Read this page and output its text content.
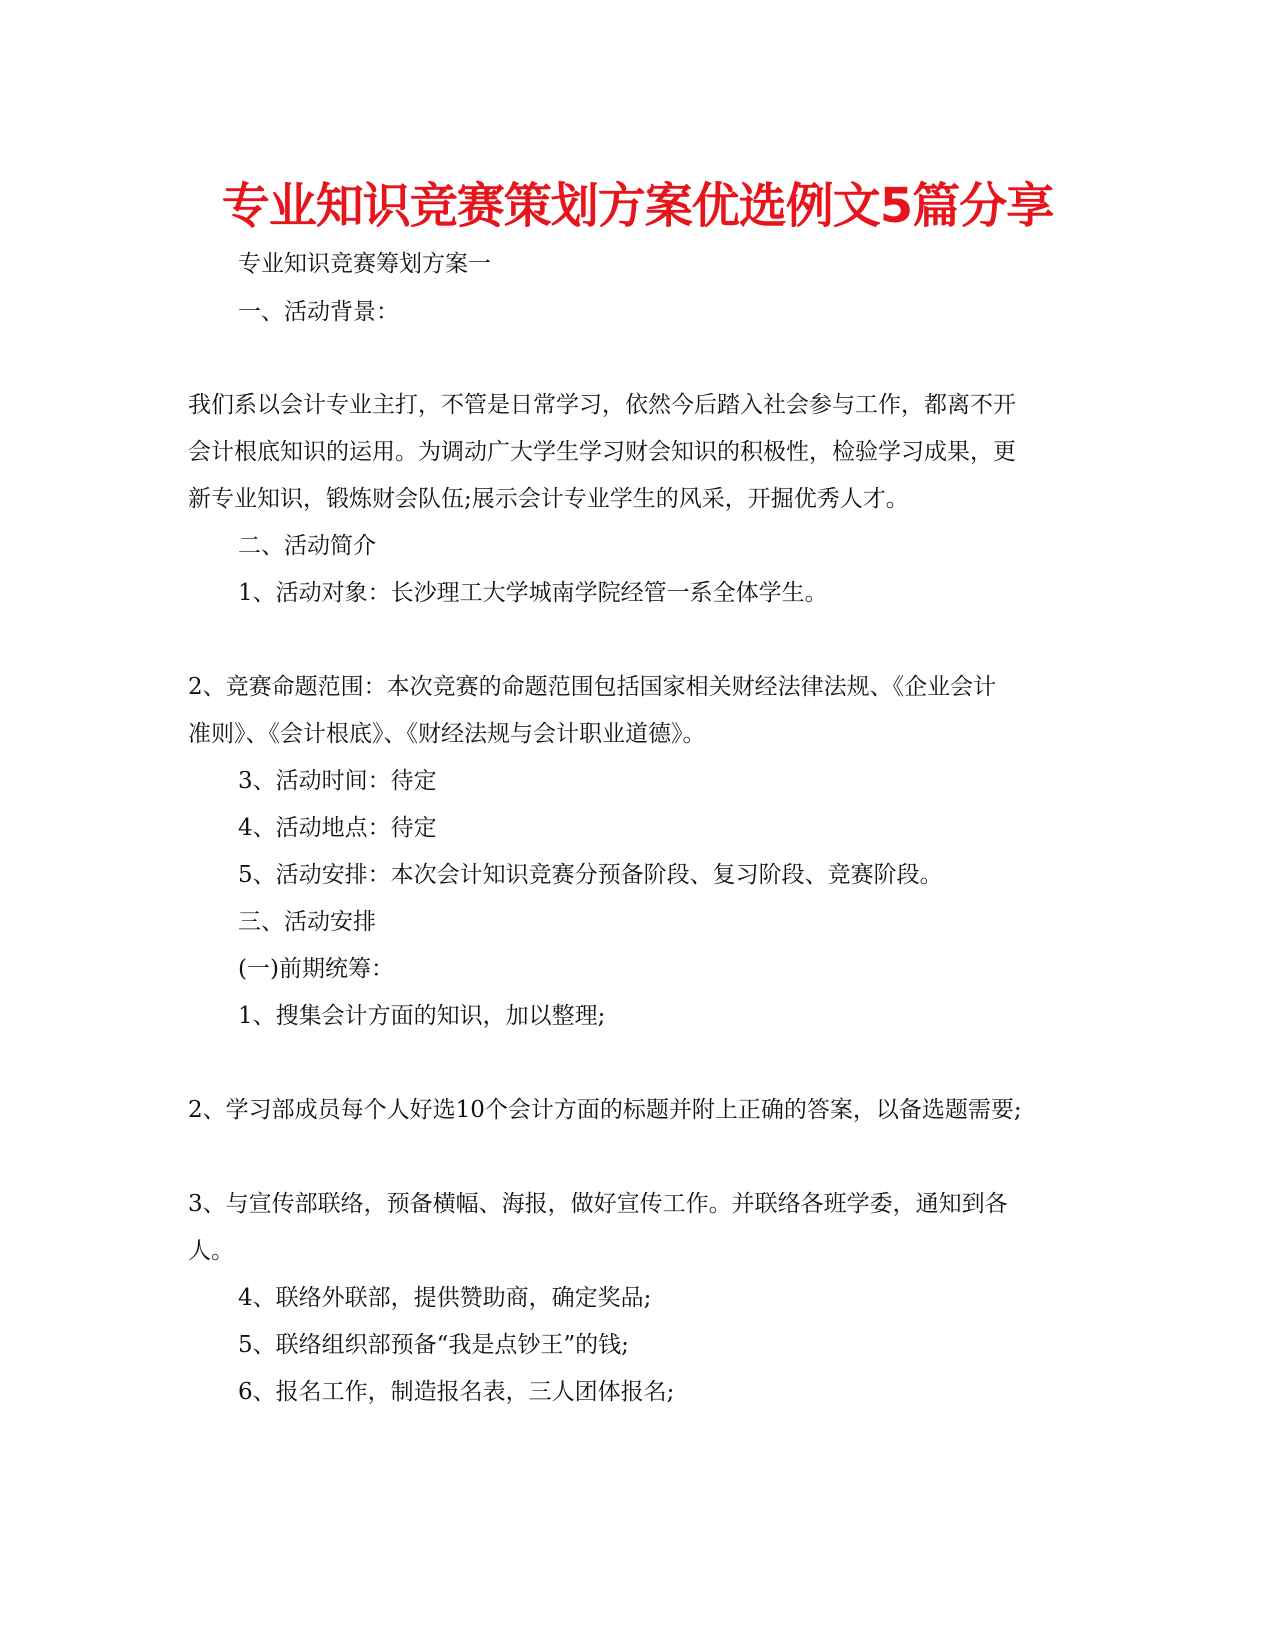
专业知识竞赛策划方案优选例文5篇分享
专业知识竞赛筹划方案一
一、活动背景：
我们系以会计专业主打，不管是日常学习，依然今后踏入社会参与工作，都离不开
会计根底知识的运用。为调动广大学生学习财会知识的积极性，检验学习成果，更
新专业知识，锻炼财会队伍;展示会计专业学生的风采，开掘优秀人才。
二、活动简介
1、活动对象：长沙理工大学城南学院经管一系全体学生。
2、竞赛命题范围：本次竞赛的命题范围包括国家相关财经法律法规、《企业会计
准则》、《会计根底》、《财经法规与会计职业道德》。
3、活动时间：待定
4、活动地点：待定
5、活动安排：本次会计知识竞赛分预备阶段、复习阶段、竞赛阶段。
三、活动安排
(一)前期统筹：
1、搜集会计方面的知识，加以整理;
2、学习部成员每个人好选10个会计方面的标题并附上正确的答案，以备选题需要;
3、与宣传部联络，预备横幅、海报，做好宣传工作。并联络各班学委，通知到各
人。
4、联络外联部，提供赞助商，确定奖品;
5、联络组织部预备“我是点钞王”的钱;
6、报名工作，制造报名表，三人团体报名;
